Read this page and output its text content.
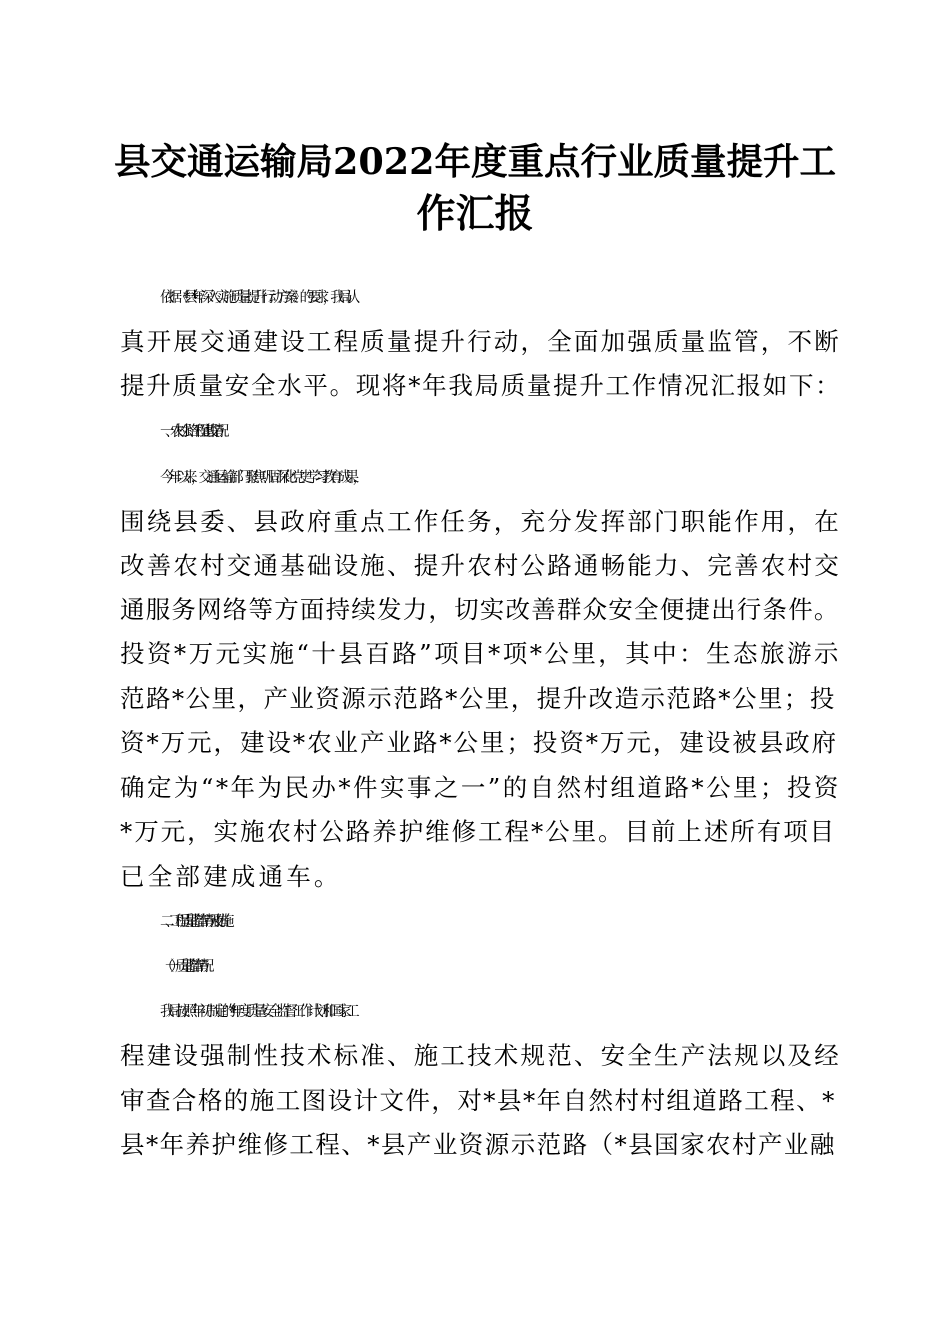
县交通运输局2022年度重点行业质量提升工
作汇报
依据《*县*年深入实施质量提升行动方案》的要求，我局认
真开展交通建设工程质量提升行动，全面加强质量监管，不断
提升质量安全水平。现将*年我局质量提升工作情况汇报如下：
一、农村公路工程建设情况
今年以来，交通运输部门聚焦巩固深化党史学习教育成果，
围绕县委、县政府重点工作任务，充分发挥部门职能作用，在
改善农村交通基础设施、提升农村公路通畅能力、完善农村交
通服务网络等方面持续发力，切实改善群众安全便捷出行条件。
投资*万元实施“十县百路”项目*项*公里，其中：生态旅游示
范路*公里，产业资源示范路*公里，提升改造示范路*公里；投
资*万元，建设*农业产业路*公里；投资*万元，建设被县政府
确定为“*年为民办*件实事之一”的自然村组道路*公里；投资
*万元，实施农村公路养护维修工程*公里。目前上述所有项目
已全部建成通车。
二、工程质量监管情况及措施
（一）质量监管情况
我局按照年初制定的*年度质量安全监督工作计划和国家工
程建设强制性技术标准、施工技术规范、安全生产法规以及经
审查合格的施工图设计文件，对*县*年自然村村组道路工程、*
县*年养护维修工程、*县产业资源示范路（*县国家农村产业融
